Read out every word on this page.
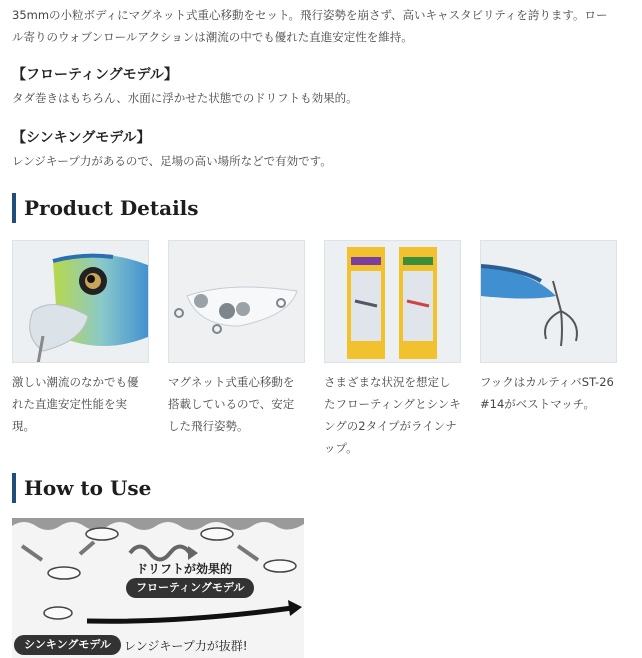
35mmの小粒ボディにマグネット式重心移動をセット。飛行姿勢を崩さず、高いキャスタビリティを誇ります。ロー

ル寄りのウォブンロールアクションは潮流の中でも優れた直進安定性を維持。

【フローティングモデル】
タダ巻きはもちろん、水面に浮かせた状態でのドリフトも効果的。
【シンキングモデル】
レンジキープ力があるので、足場の高い場所などで有効です。
Product Details
激しい潮流のなかでも優れた直進安定性能を実現。
マグネット式重心移動を搭載しているので、安定した飛行姿勢。
さまざまな状況を想定したフローティングとシンキングの2タイプがラインナップ。
フックはカルティバST-26 #14がベストマッチ。
How to Use
ドリフトが効果的
フローティングモデル
シンキングモデル	レンジキープ力が抜群!
